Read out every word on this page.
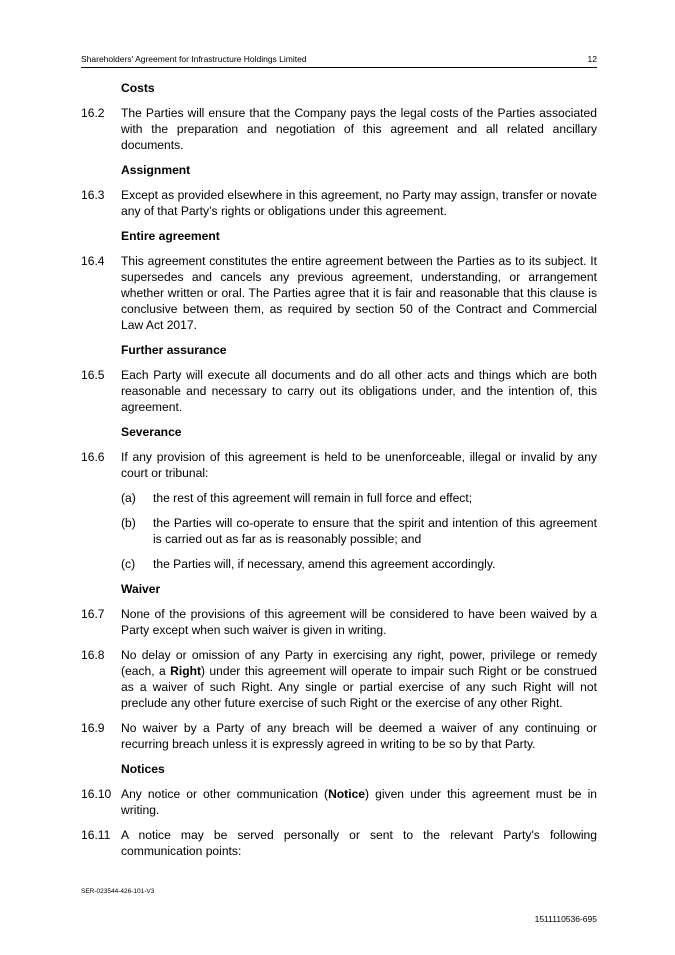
Shareholders' Agreement for Infrastructure Holdings Limited	12
Costs
16.2	The Parties will ensure that the Company pays the legal costs of the Parties associated with the preparation and negotiation of this agreement and all related ancillary documents.
Assignment
16.3	Except as provided elsewhere in this agreement, no Party may assign, transfer or novate any of that Party’s rights or obligations under this agreement.
Entire agreement
16.4	This agreement constitutes the entire agreement between the Parties as to its subject. It supersedes and cancels any previous agreement, understanding, or arrangement whether written or oral. The Parties agree that it is fair and reasonable that this clause is conclusive between them, as required by section 50 of the Contract and Commercial Law Act 2017.
Further assurance
16.5	Each Party will execute all documents and do all other acts and things which are both reasonable and necessary to carry out its obligations under, and the intention of, this agreement.
Severance
16.6	If any provision of this agreement is held to be unenforceable, illegal or invalid by any court or tribunal:
(a)	the rest of this agreement will remain in full force and effect;
(b)	the Parties will co-operate to ensure that the spirit and intention of this agreement is carried out as far as is reasonably possible; and
(c)	the Parties will, if necessary, amend this agreement accordingly.
Waiver
16.7	None of the provisions of this agreement will be considered to have been waived by a Party except when such waiver is given in writing.
16.8	No delay or omission of any Party in exercising any right, power, privilege or remedy (each, a Right) under this agreement will operate to impair such Right or be construed as a waiver of such Right. Any single or partial exercise of any such Right will not preclude any other future exercise of such Right or the exercise of any other Right.
16.9	No waiver by a Party of any breach will be deemed a waiver of any continuing or recurring breach unless it is expressly agreed in writing to be so by that Party.
Notices
16.10 Any notice or other communication (Notice) given under this agreement must be in writing.
16.11 A notice may be served personally or sent to the relevant Party's following communication points:
SER-023544-426-101-V3
1511110536-695
